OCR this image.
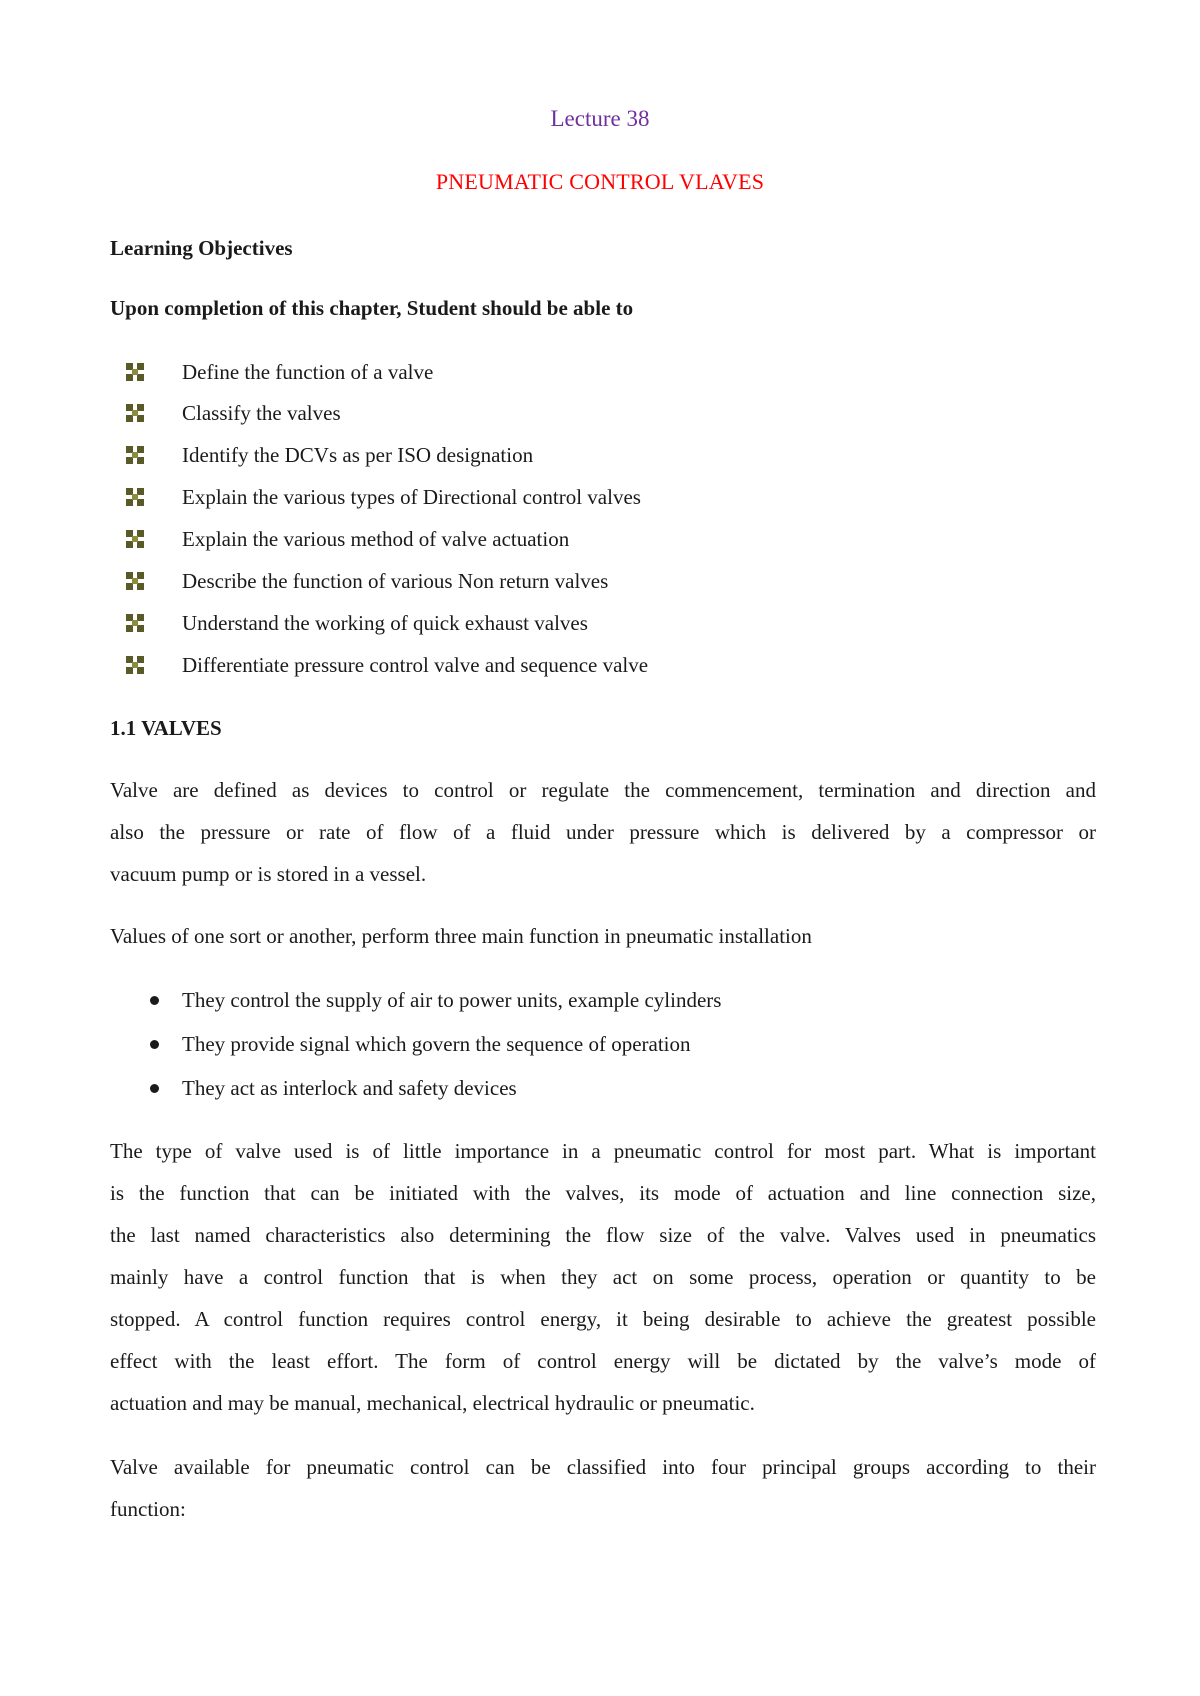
Lecture 38
PNEUMATIC CONTROL VLAVES
Learning Objectives
Upon completion of this chapter, Student should be able to
Define the function of a valve
Classify the valves
Identify the DCVs as per ISO designation
Explain the various types of Directional control valves
Explain the various method of valve actuation
Describe the function of various Non return valves
Understand the working of quick exhaust valves
Differentiate pressure control valve and sequence valve
1.1 VALVES
Valve are defined as devices to control or regulate the commencement, termination and direction and
also the pressure or rate of flow of a fluid under pressure which is delivered by a compressor or
vacuum pump or is stored in a vessel.
Values of one sort or another, perform three main function in pneumatic installation
They control the supply of air to power units, example cylinders
They provide signal which govern the sequence of operation
They act as interlock and safety devices
The type of valve used is of little importance in a pneumatic control for most part. What is important
is the function that can be initiated with the valves, its mode of actuation and line connection size,
the last named characteristics also determining the flow size of the valve. Valves used in pneumatics
mainly have a control function that is when they act on some process, operation or quantity to be
stopped. A control function requires control energy, it being desirable to achieve the greatest possible
effect with the least effort. The form of control energy will be dictated by the valve’s mode of
actuation and may be manual, mechanical, electrical hydraulic or pneumatic.
Valve available for pneumatic control can be classified into four principal groups according to their
function:
